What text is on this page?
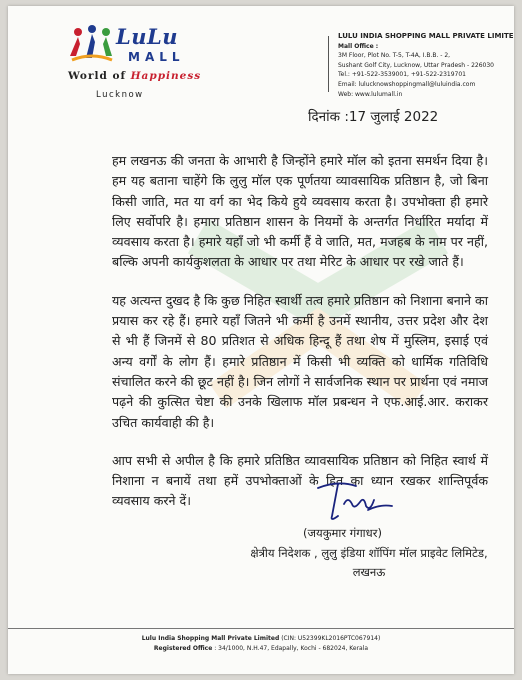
LuLu
MALL
World of Happiness
Lucknow
LULU INDIA SHOPPING MALL PRIVATE LIMITE
Mall Office :
3M Floor, Plot No. T-5, T-4A, I.B.B. - 2,
Sushant Golf City, Lucknow, Uttar Pradesh - 226030
Tel.: +91-522-3539001, +91-522-2319701
Email: lulucknowshoppingmall@luluindia.com
Web: www.lulumall.in
दिनांक :17 जुलाई 2022

हम लखनऊ की जनता के आभारी है जिन्होंने हमारे मॉल को इतना समर्थन दिया है। हम यह बताना चाहेंगे कि लुलु मॉल एक पूर्णतया व्यावसायिक प्रतिष्ठान है, जो बिना किसी जाति, मत या वर्ग का भेद किये हुये व्यवसाय करता है। उपभोक्ता ही हमारे लिए सर्वोपरि है। हमारा प्रतिष्ठान शासन के नियमों के अन्तर्गत निर्धारित मर्यादा में व्यवसाय करता है। हमारे यहाँ जो भी कर्मी हैं वे जाति, मत, मजहब के नाम पर नहीं, बल्कि अपनी कार्यकुशलता के आधार पर तथा मेरिट के आधार पर रखे जाते हैं।

यह अत्यन्त दुखद है कि कुछ निहित स्वार्थी तत्व हमारे प्रतिष्ठान को निशाना बनाने का प्रयास कर रहे हैं। हमारे यहाँ जितने भी कर्मी है उनमें स्थानीय, उत्तर प्रदेश और देश से भी हैं जिनमें से 80 प्रतिशत से अधिक हिन्दू हैं तथा शेष में मुस्लिम, इसाई एवं अन्य वर्गों के लोग हैं। हमारे प्रतिष्ठान में किसी भी व्यक्ति को धार्मिक गतिविधि संचालित करने की छूट नहीं है। जिन लोगों ने सार्वजनिक स्थान पर प्रार्थना एवं नमाज पढ़ने की कुत्सित चेष्टा की उनके खिलाफ मॉल प्रबन्धन ने एफ.आई.आर. कराकर उचित कार्यवाही की है।

आप सभी से अपील है कि हमारे प्रतिष्ठित व्यावसायिक प्रतिष्ठान को निहित स्वार्थ में निशाना न बनायें तथा हमें उपभोक्ताओं के हित का ध्यान रखकर शान्तिपूर्वक व्यवसाय करने दें।

(जयकुमार गंगाधर)
क्षेत्रीय निदेशक , लुलु इंडिया शॉपिंग मॉल प्राइवेट लिमिटेड,
लखनऊ
Lulu India Shopping Mall Private Limited (CIN: U52399KL2016PTC067914)
Registered Office : 34/1000, N.H.47, Edapally, Kochi - 682024, Kerala
